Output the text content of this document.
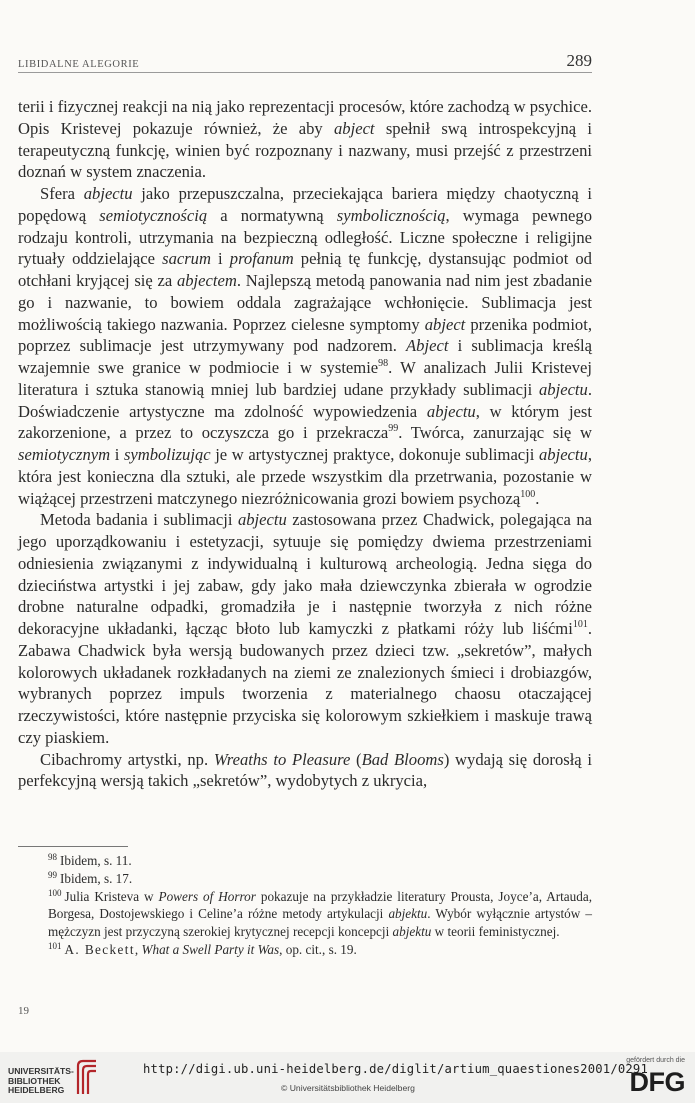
LIBIDALNE ALEGORIE	289

terii i fizycznej reakcji na nią jako reprezentacji procesów, które zachodzą w psychice. Opis Kristevej pokazuje również, że aby abject spełnił swą introspekcyjną i terapeutyczną funkcję, winien być rozpoznany i nazwany, musi przejść z przestrzeni doznań w system znaczenia.

Sfera abjectu jako przepuszczalna, przeciekająca bariera między chaotyczną i popędową semiotycznością a normatywną symbolicznością, wymaga pewnego rodzaju kontroli, utrzymania na bezpieczną odległość. Liczne społeczne i religijne rytuały oddzielające sacrum i profanum pełnią tę funkcję, dystansując podmiot od otchłani kryjącej się za abjectem. Najlepszą metodą panowania nad nim jest zbadanie go i nazwanie, to bowiem oddala zagrażające wchłonięcie. Sublimacja jest możliwością takiego nazwania. Poprzez cielesne symptomy abject przenika podmiot, poprzez sublimacje jest utrzymywany pod nadzorem. Abject i sublimacja kreślą wzajemnie swe granice w podmiocie i w systemie$^{98}$. W analizach Julii Kristevej literatura i sztuka stanowią mniej lub bardziej udane przykłady sublimacji abjectu. Doświadczenie artystyczne ma zdolność wypowiedzenia abjectu, w którym jest zakorzenione, a przez to oczyszcza go i przekracza$^{99}$. Twórca, zanurzając się w semiotycznym i symbolizując je w artystycznej praktyce, dokonuje sublimacji abjectu, która jest konieczna dla sztuki, ale przede wszystkim dla przetrwania, pozostanie w wiążącej przestrzeni matczynego niezróżnicowania grozi bowiem psychozą$^{100}$.

Metoda badania i sublimacji abjectu zastosowana przez Chadwick, polegająca na jego uporządkowaniu i estetyzacji, sytuuje się pomiędzy dwiema przestrzeniami odniesienia związanymi z indywidualną i kulturową archeologią. Jedna sięga do dzieciństwa artystki i jej zabaw, gdy jako mała dziewczynka zbierała w ogrodzie drobne naturalne odpadki, gromadziła je i następnie tworzyła z nich różne dekoracyjne układanki, łącząc błoto lub kamyczki z płatkami róży lub liśćmi$^{101}$. Zabawa Chadwick była wersją budowanych przez dzieci tzw. „sekretów”, małych kolorowych układanek rozkładanych na ziemi ze znalezionych śmieci i drobiazgów, wybranych poprzez impuls tworzenia z materialnego chaosu otaczającej rzeczywistości, które następnie przyciska się kolorowym szkiełkiem i maskuje trawą czy piaskiem.

Cibachromy artystki, np. Wreaths to Pleasure (Bad Blooms) wydają się dorosłą i perfekcyjną wersją takich „sekretów”, wydobytych z ukrycia,

$^{98}$ Ibidem, s. 11.

$^{99}$ Ibidem, s. 17.

$^{100}$ Julia Kristeva w Powers of Horror pokazuje na przykładzie literatury Prousta, Joyce’a, Artauda, Borgesa, Dostojewskiego i Celine’a różne metody artykulacji abjektu. Wybór wyłącznie artystów – mężczyzn jest przyczyną szerokiej krytycznej recepcji koncepcji abjektu w teorii feministycznej.

$^{101}$ A. Beckett, What a Swell Party it Was, op. cit., s. 19.

19
UNIVERSITÄTS-
BIBLIOTHEK
HEIDELBERG
http://digi.ub.uni-heidelberg.de/diglit/artium_quaestiones2001/0291
© Universitätsbibliothek Heidelberg
gefördert durch die
DFG
